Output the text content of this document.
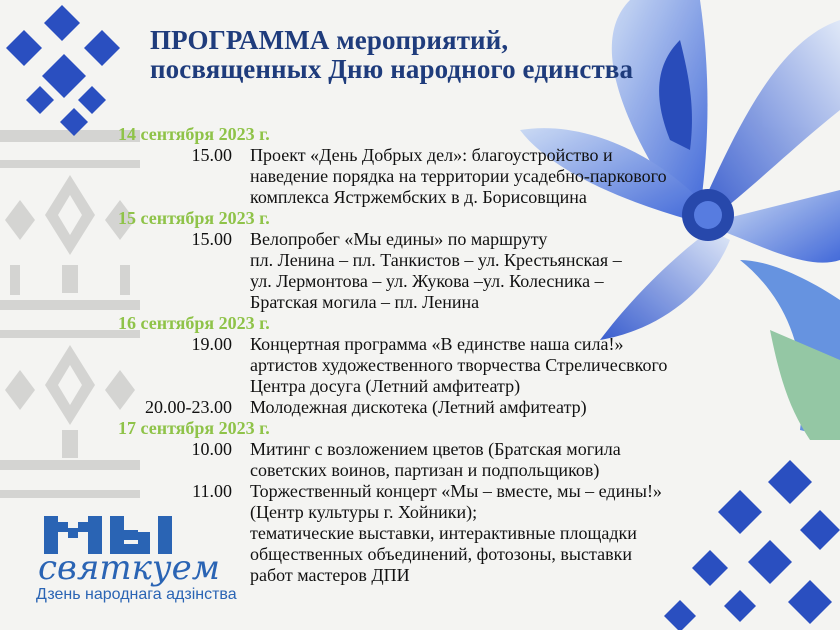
ПРОГРАММА мероприятий,
посвященных Дню народного единства
14 сентября 2023 г.
15.00 Проект «День Добрых дел»: благоустройство и
наведение порядка на территории усадебно-паркового
комплекса Ястржембских в д. Борисовщина
15 сентября 2023 г.
15.00 Велопробег «Мы едины» по маршруту
пл. Ленина – пл. Танкистов – ул. Крестьянская –
ул. Лермонтова – ул. Жукова –ул. Колесника –
Братская могила – пл. Ленина
16 сентября 2023 г.
19.00 Концертная программа «В единстве наша сила!»
артистов художественного творчества Стреличесвкого
Центра досуга (Летний амфитеатр)
20.00-23.00 Молодежная дискотека (Летний амфитеатр)
17 сентября 2023 г.
10.00 Митинг с возложением цветов (Братская могила
советских воинов, партизан и подпольщиков)
11.00 Торжественный концерт «Мы – вместе, мы – едины!»
(Центр культуры г. Хойники);
тематические выставки, интерактивные площадки
общественных объединений, фотозоны, выставки
работ мастеров ДПИ
святкуем
Дзень народнага адзінства
